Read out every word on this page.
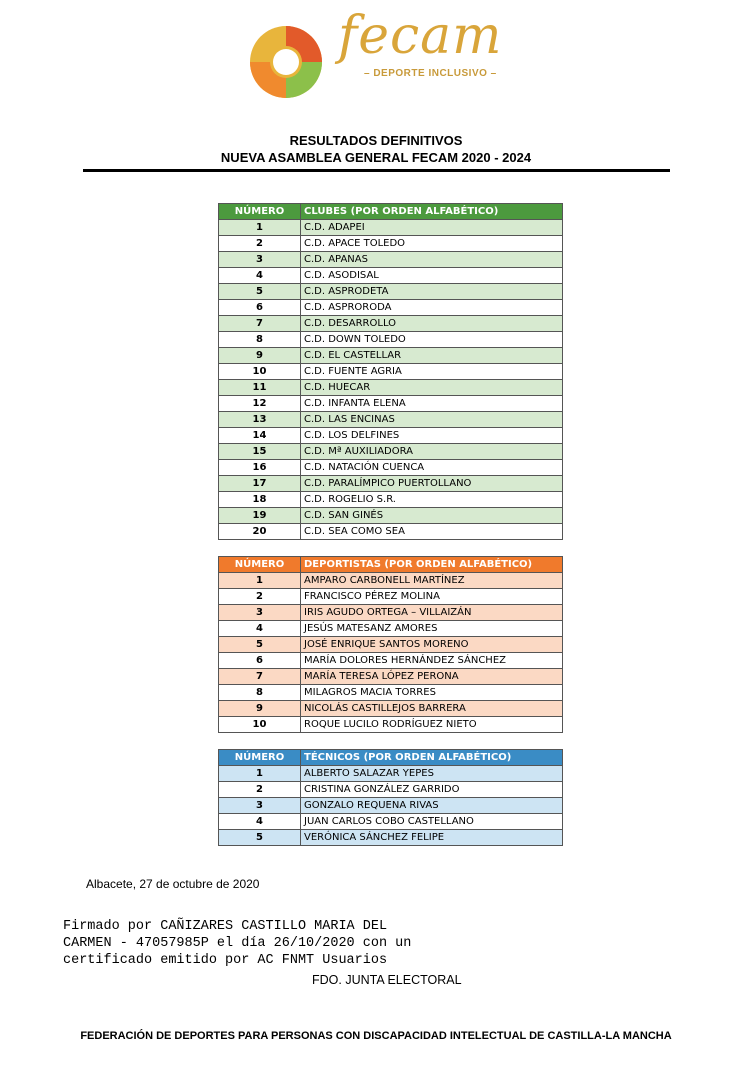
fecam
– DEPORTE INCLUSIVO –
RESULTADOS DEFINITIVOS
NUEVA ASAMBLEA GENERAL FECAM 2020 - 2024
NÚMERO	CLUBES (POR ORDEN ALFABÉTICO)
1	C.D. ADAPEI
2	C.D. APACE TOLEDO
3	C.D. APANAS
4	C.D. ASODISAL
5	C.D. ASPRODETA
6	C.D. ASPRORODA
7	C.D. DESARROLLO
8	C.D. DOWN TOLEDO
9	C.D. EL CASTELLAR
10	C.D. FUENTE AGRIA
11	C.D. HUECAR
12	C.D. INFANTA ELENA
13	C.D. LAS ENCINAS
14	C.D. LOS DELFINES
15	C.D. Mª AUXILIADORA
16	C.D. NATACIÓN CUENCA
17	C.D. PARALÍMPICO PUERTOLLANO
18	C.D. ROGELIO S.R.
19	C.D. SAN GINÉS
20	C.D. SEA COMO SEA
NÚMERO	DEPORTISTAS (POR ORDEN ALFABÉTICO)
1	AMPARO CARBONELL MARTÍNEZ
2	FRANCISCO PÉREZ MOLINA
3	IRIS AGUDO ORTEGA – VILLAIZÁN
4	JESÚS MATESANZ AMORES
5	JOSÉ ENRIQUE SANTOS MORENO
6	MARÍA DOLORES HERNÁNDEZ SÁNCHEZ
7	MARÍA TERESA LÓPEZ PERONA
8	MILAGROS MACIA TORRES
9	NICOLÁS CASTILLEJOS BARRERA
10	ROQUE LUCILO RODRÍGUEZ NIETO
NÚMERO	TÉCNICOS (POR ORDEN ALFABÉTICO)
1	ALBERTO SALAZAR YEPES
2	CRISTINA GONZÁLEZ GARRIDO
3	GONZALO REQUENA RIVAS
4	JUAN CARLOS COBO CASTELLANO
5	VERÓNICA SÁNCHEZ FELIPE
Albacete, 27 de octubre de 2020
Firmado por CAÑIZARES CASTILLO MARIA DEL
CARMEN - 47057985P el día 26/10/2020 con un
certificado emitido por AC FNMT Usuarios
FDO. JUNTA ELECTORAL
FEDERACIÓN DE DEPORTES PARA PERSONAS CON DISCAPACIDAD INTELECTUAL DE CASTILLA-LA MANCHA
